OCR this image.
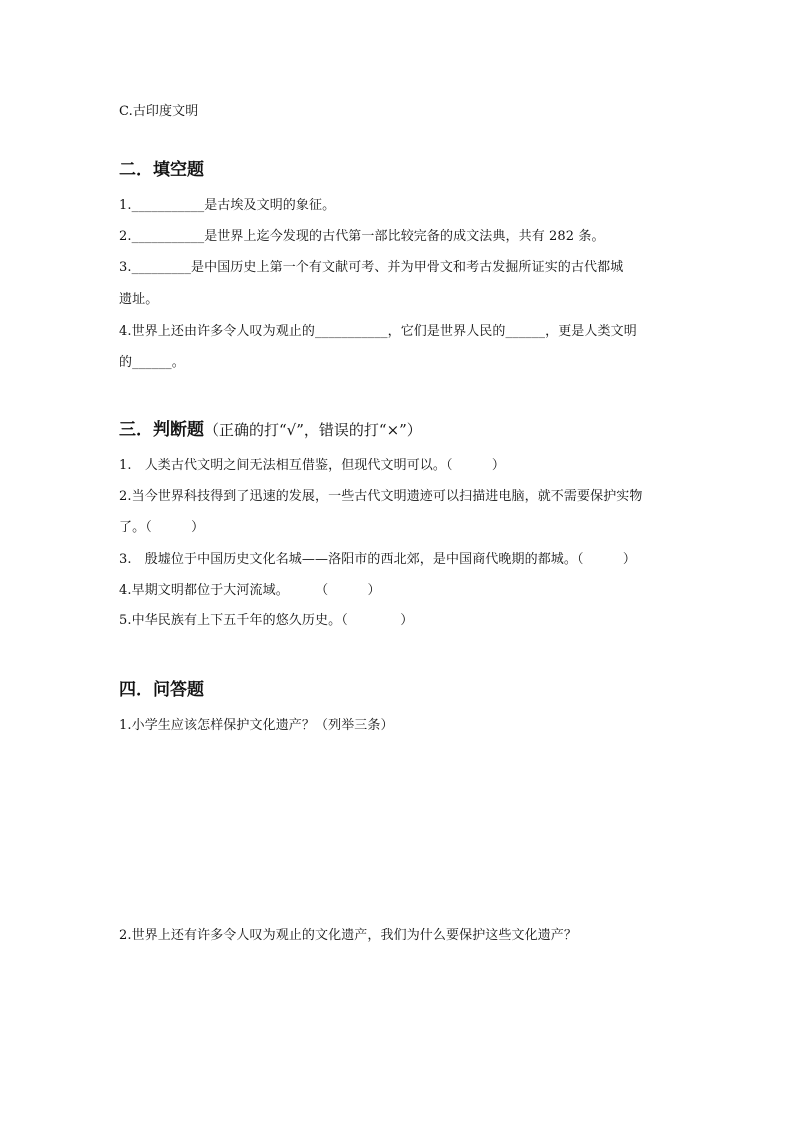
C.古印度文明
二．填空题
1.___________是古埃及文明的象征。
2.___________是世界上迄今发现的古代第一部比较完备的成文法典，共有 282 条。
3._________是中国历史上第一个有文献可考、并为甲骨文和考古发掘所证实的古代都城
遗址。
4.世界上还由许多令人叹为观止的___________，它们是世界人民的______，更是人类文明
的______。
三．判断题（正确的打“√”，错误的打“×”）
1.　人类古代文明之间无法相互借鉴，但现代文明可以。（　　　）
2.当今世界科技得到了迅速的发展，一些古代文明遗迹可以扫描进电脑，就不需要保护实物
了。（　　　）
3.　殷墟位于中国历史文化名城——洛阳市的西北郊，是中国商代晚期的都城。（　　　）
4.早期文明都位于大河流域。　　　（　　　）
5.中华民族有上下五千年的悠久历史。（　　　　）
四．问答题
1.小学生应该怎样保护文化遗产？（列举三条）
2.世界上还有许多令人叹为观止的文化遗产，我们为什么要保护这些文化遗产？
